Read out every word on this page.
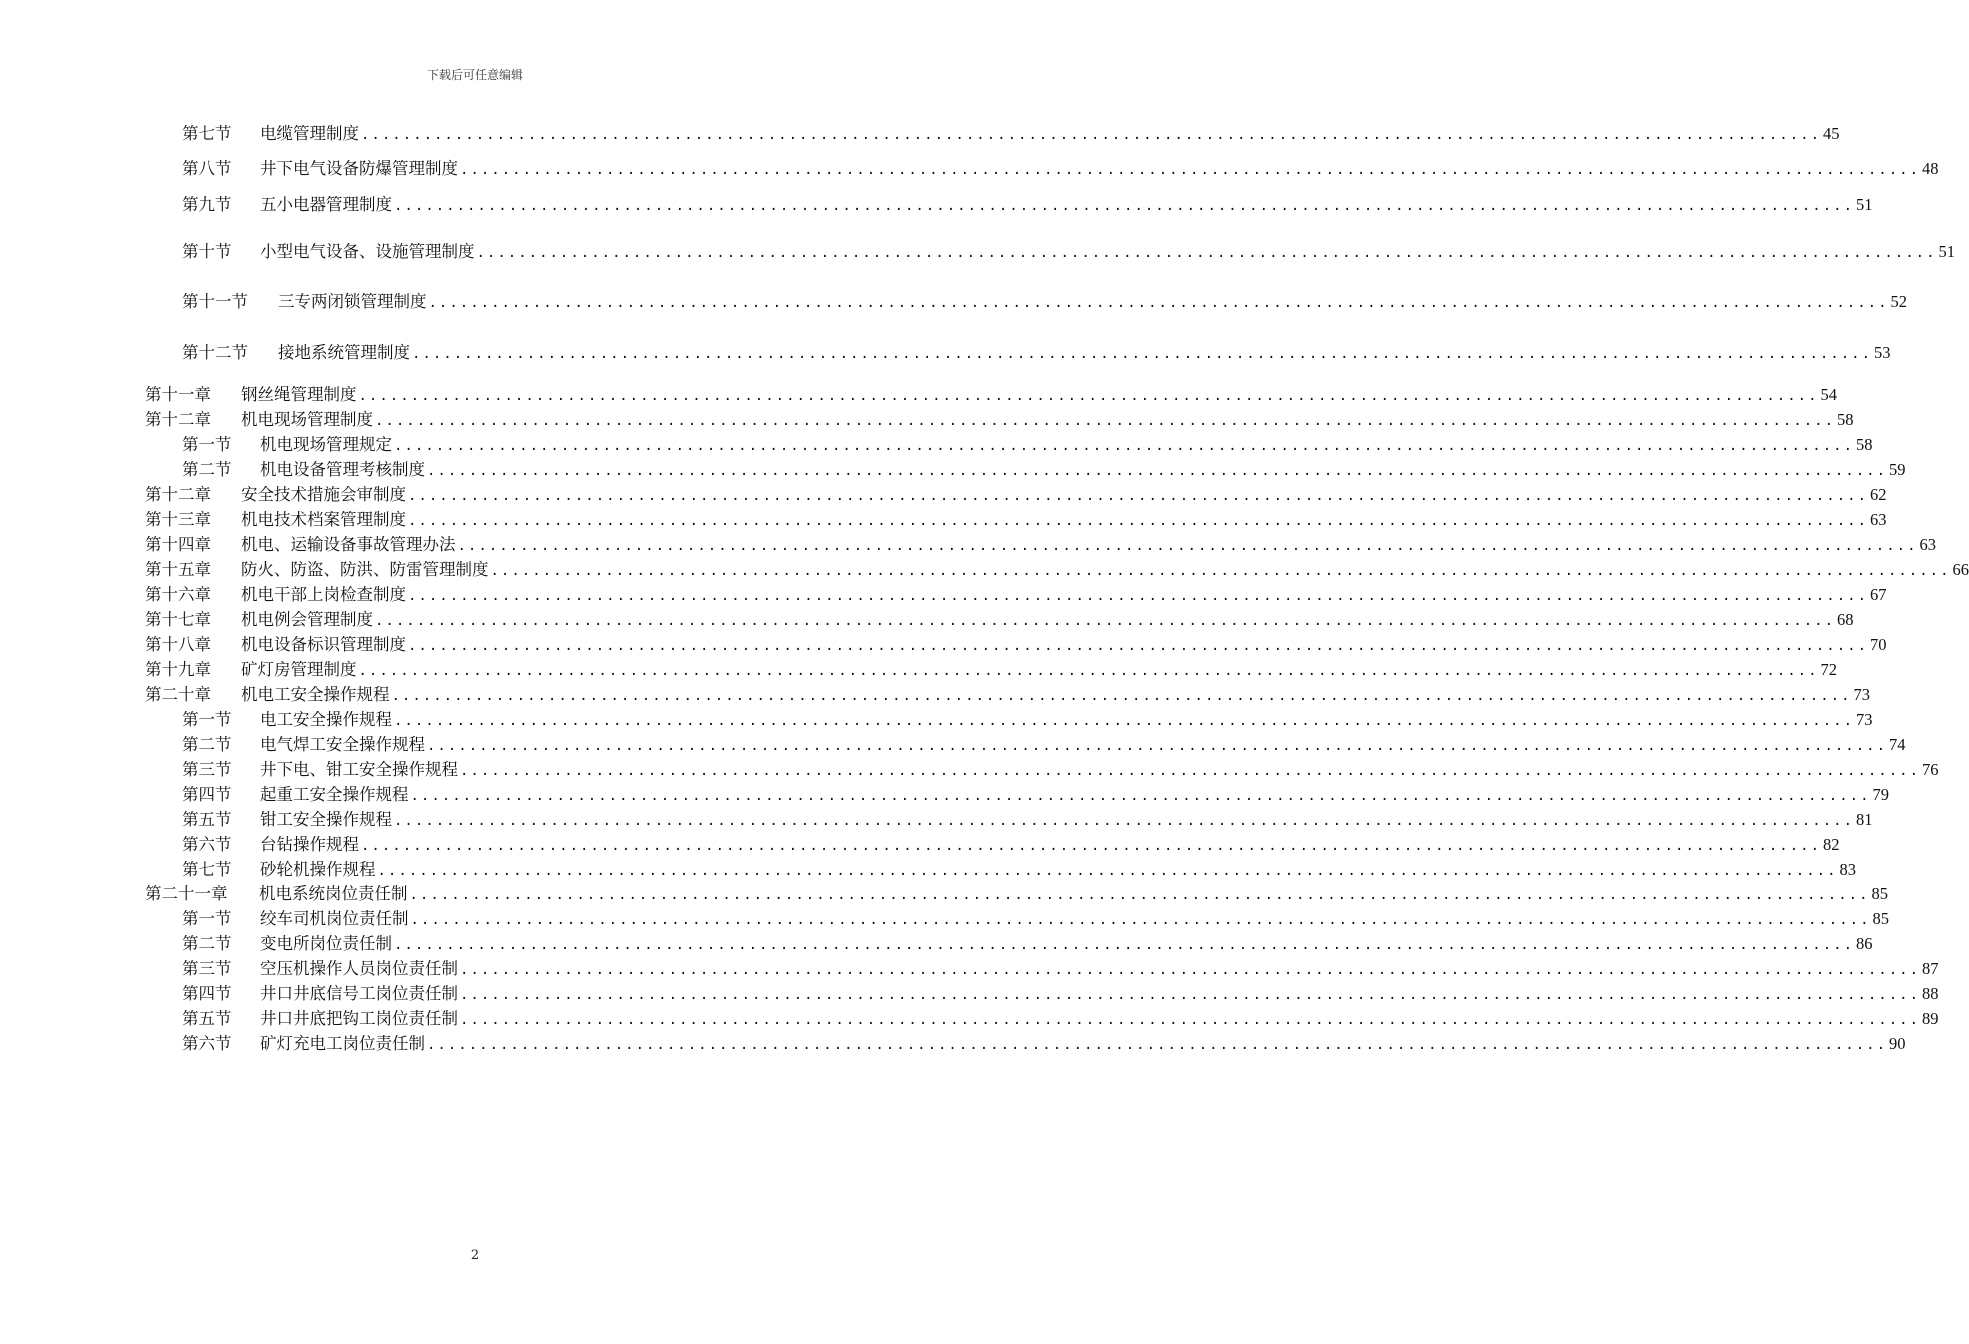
下载后可任意编辑
第七节	电缆管理制度 ............................................................................................................................................ 45
第八节	井下电气设备防爆管理制度 ............................................................................................................................................ 48
第九节	五小电器管理制度 ............................................................................................................................................ 51
第十节	小型电气设备、设施管理制度 ............................................................................................................................................ 51
第十一节	三专两闭锁管理制度 ............................................................................................................................................ 52
第十二节	接地系统管理制度 ............................................................................................................................................ 53
第十一章	钢丝绳管理制度 ............................................................................................................................................ 54
第十二章	机电现场管理制度 ............................................................................................................................................ 58
第一节	机电现场管理规定 ............................................................................................................................................ 58
第二节	机电设备管理考核制度 ............................................................................................................................................ 59
第十二章	安全技术措施会审制度 ............................................................................................................................................ 62
第十三章	机电技术档案管理制度 ............................................................................................................................................ 63
第十四章	机电、运输设备事故管理办法 ............................................................................................................................................ 63
第十五章	防火、防盗、防洪、防雷管理制度 ............................................................................................................................................ 66
第十六章	机电干部上岗检查制度 ............................................................................................................................................ 67
第十七章	机电例会管理制度 ............................................................................................................................................ 68
第十八章	机电设备标识管理制度 ............................................................................................................................................ 70
第十九章	矿灯房管理制度 ............................................................................................................................................ 72
第二十章	机电工安全操作规程 ............................................................................................................................................ 73
第一节	电工安全操作规程 ............................................................................................................................................ 73
第二节	电气焊工安全操作规程 ............................................................................................................................................ 74
第三节	井下电、钳工安全操作规程 ............................................................................................................................................ 76
第四节	起重工安全操作规程 ............................................................................................................................................ 79
第五节	钳工安全操作规程 ............................................................................................................................................ 81
第六节	台钻操作规程 ............................................................................................................................................ 82
第七节	砂轮机操作规程 ............................................................................................................................................ 83
第二十一章	机电系统岗位责任制 ............................................................................................................................................ 85
第一节	绞车司机岗位责任制 ............................................................................................................................................ 85
第二节	变电所岗位责任制 ............................................................................................................................................ 86
第三节	空压机操作人员岗位责任制 ............................................................................................................................................ 87
第四节	井口井底信号工岗位责任制 ............................................................................................................................................ 88
第五节	井口井底把钩工岗位责任制 ............................................................................................................................................ 89
第六节	矿灯充电工岗位责任制 ............................................................................................................................................ 90
2
